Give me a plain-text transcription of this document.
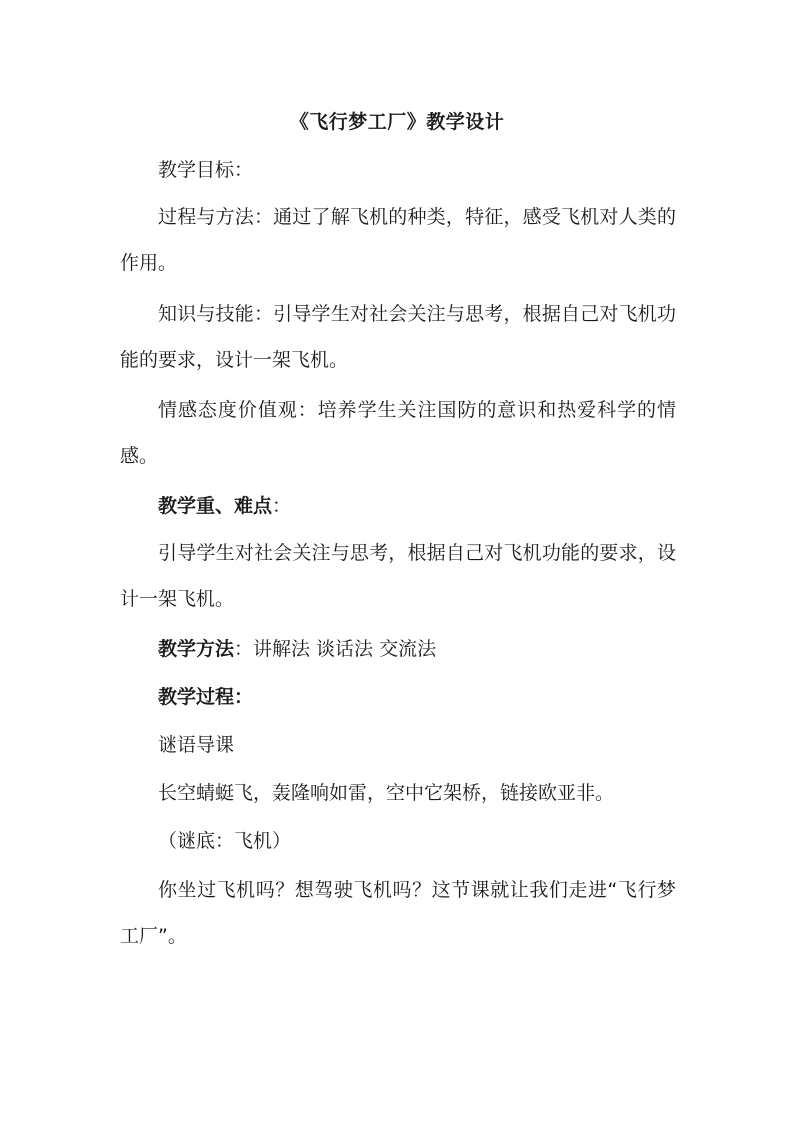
《飞行梦工厂》教学设计

教学目标：

过程与方法：通过了解飞机的种类，特征，感受飞机对人类的作用。

知识与技能：引导学生对社会关注与思考，根据自己对飞机功能的要求，设计一架飞机。

情感态度价值观：培养学生关注国防的意识和热爱科学的情感。

教学重、难点：

引导学生对社会关注与思考，根据自己对飞机功能的要求，设计一架飞机。

教学方法：讲解法 谈话法 交流法

教学过程：

谜语导课

长空蜻蜓飞，轰隆响如雷，空中它架桥，链接欧亚非。

（谜底：飞机）

你坐过飞机吗？想驾驶飞机吗？这节课就让我们走进“飞行梦工厂”。
